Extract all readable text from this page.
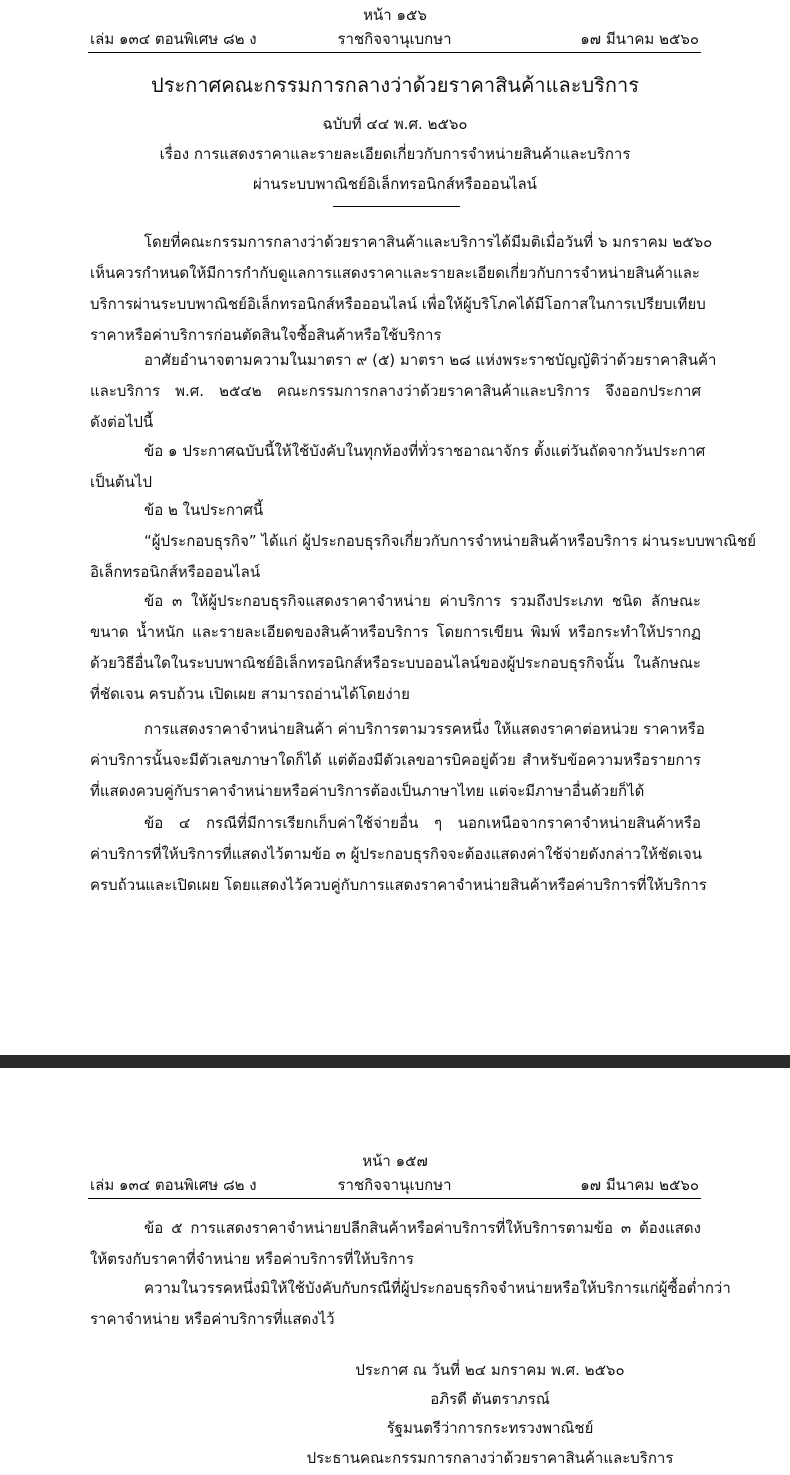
หน้า ๑๕๖
เล่ม ๑๓๔ ตอนพิเศษ ๘๒ ง	ราชกิจจานุเบกษา	๑๗ มีนาคม ๒๕๖๐
ประกาศคณะกรรมการกลางว่าด้วยราคาสินค้าและบริการ
ฉบับที่ ๔๔ พ.ศ. ๒๕๖๐
เรื่อง การแสดงราคาและรายละเอียดเกี่ยวกับการจำหน่ายสินค้าและบริการ
ผ่านระบบพาณิชย์อิเล็กทรอนิกส์หรือออนไลน์
โดยที่คณะกรรมการกลางว่าด้วยราคาสินค้าและบริการได้มีมติเมื่อวันที่ ๖ มกราคม ๒๕๖๐
เห็นควรกำหนดให้มีการกำกับดูแลการแสดงราคาและรายละเอียดเกี่ยวกับการจำหน่ายสินค้าและ
บริการผ่านระบบพาณิชย์อิเล็กทรอนิกส์หรือออนไลน์ เพื่อให้ผู้บริโภคได้มีโอกาสในการเปรียบเทียบ
ราคาหรือค่าบริการก่อนตัดสินใจซื้อสินค้าหรือใช้บริการ
อาศัยอำนาจตามความในมาตรา ๙ (๕) มาตรา ๒๘ แห่งพระราชบัญญัติว่าด้วยราคาสินค้า
และบริการ พ.ศ. ๒๕๔๒ คณะกรรมการกลางว่าด้วยราคาสินค้าและบริการ จึงออกประกาศ
ดังต่อไปนี้
ข้อ ๑ ประกาศฉบับนี้ให้ใช้บังคับในทุกท้องที่ทั่วราชอาณาจักร ตั้งแต่วันถัดจากวันประกาศ
เป็นต้นไป
ข้อ ๒ ในประกาศนี้
“ผู้ประกอบธุรกิจ” ได้แก่ ผู้ประกอบธุรกิจเกี่ยวกับการจำหน่ายสินค้าหรือบริการ ผ่านระบบพาณิชย์
อิเล็กทรอนิกส์หรือออนไลน์
ข้อ ๓ ให้ผู้ประกอบธุรกิจแสดงราคาจำหน่าย ค่าบริการ รวมถึงประเภท ชนิด ลักษณะ
ขนาด น้ำหนัก และรายละเอียดของสินค้าหรือบริการ โดยการเขียน พิมพ์ หรือกระทำให้ปรากฏ
ด้วยวิธีอื่นใดในระบบพาณิชย์อิเล็กทรอนิกส์หรือระบบออนไลน์ของผู้ประกอบธุรกิจนั้น ในลักษณะ
ที่ชัดเจน ครบถ้วน เปิดเผย สามารถอ่านได้โดยง่าย
การแสดงราคาจำหน่ายสินค้า ค่าบริการตามวรรคหนึ่ง ให้แสดงราคาต่อหน่วย ราคาหรือ
ค่าบริการนั้นจะมีตัวเลขภาษาใดก็ได้ แต่ต้องมีตัวเลขอารบิคอยู่ด้วย สำหรับข้อความหรือรายการ
ที่แสดงควบคู่กับราคาจำหน่ายหรือค่าบริการต้องเป็นภาษาไทย แต่จะมีภาษาอื่นด้วยก็ได้
ข้อ ๔ กรณีที่มีการเรียกเก็บค่าใช้จ่ายอื่น ๆ นอกเหนือจากราคาจำหน่ายสินค้าหรือ
ค่าบริการที่ให้บริการที่แสดงไว้ตามข้อ ๓ ผู้ประกอบธุรกิจจะต้องแสดงค่าใช้จ่ายดังกล่าวให้ชัดเจน
ครบถ้วนและเปิดเผย โดยแสดงไว้ควบคู่กับการแสดงราคาจำหน่ายสินค้าหรือค่าบริการที่ให้บริการ
หน้า ๑๕๗
เล่ม ๑๓๔ ตอนพิเศษ ๘๒ ง	ราชกิจจานุเบกษา	๑๗ มีนาคม ๒๕๖๐
ข้อ ๕ การแสดงราคาจำหน่ายปลีกสินค้าหรือค่าบริการที่ให้บริการตามข้อ ๓ ต้องแสดง
ให้ตรงกับราคาที่จำหน่าย หรือค่าบริการที่ให้บริการ
ความในวรรคหนึ่งมิให้ใช้บังคับกับกรณีที่ผู้ประกอบธุรกิจจำหน่ายหรือให้บริการแก่ผู้ซื้อต่ำกว่า
ราคาจำหน่าย หรือค่าบริการที่แสดงไว้
ประกาศ ณ วันที่ ๒๔ มกราคม พ.ศ. ๒๕๖๐
อภิรดี ตันตราภรณ์
รัฐมนตรีว่าการกระทรวงพาณิชย์
ประธานคณะกรรมการกลางว่าด้วยราคาสินค้าและบริการ
